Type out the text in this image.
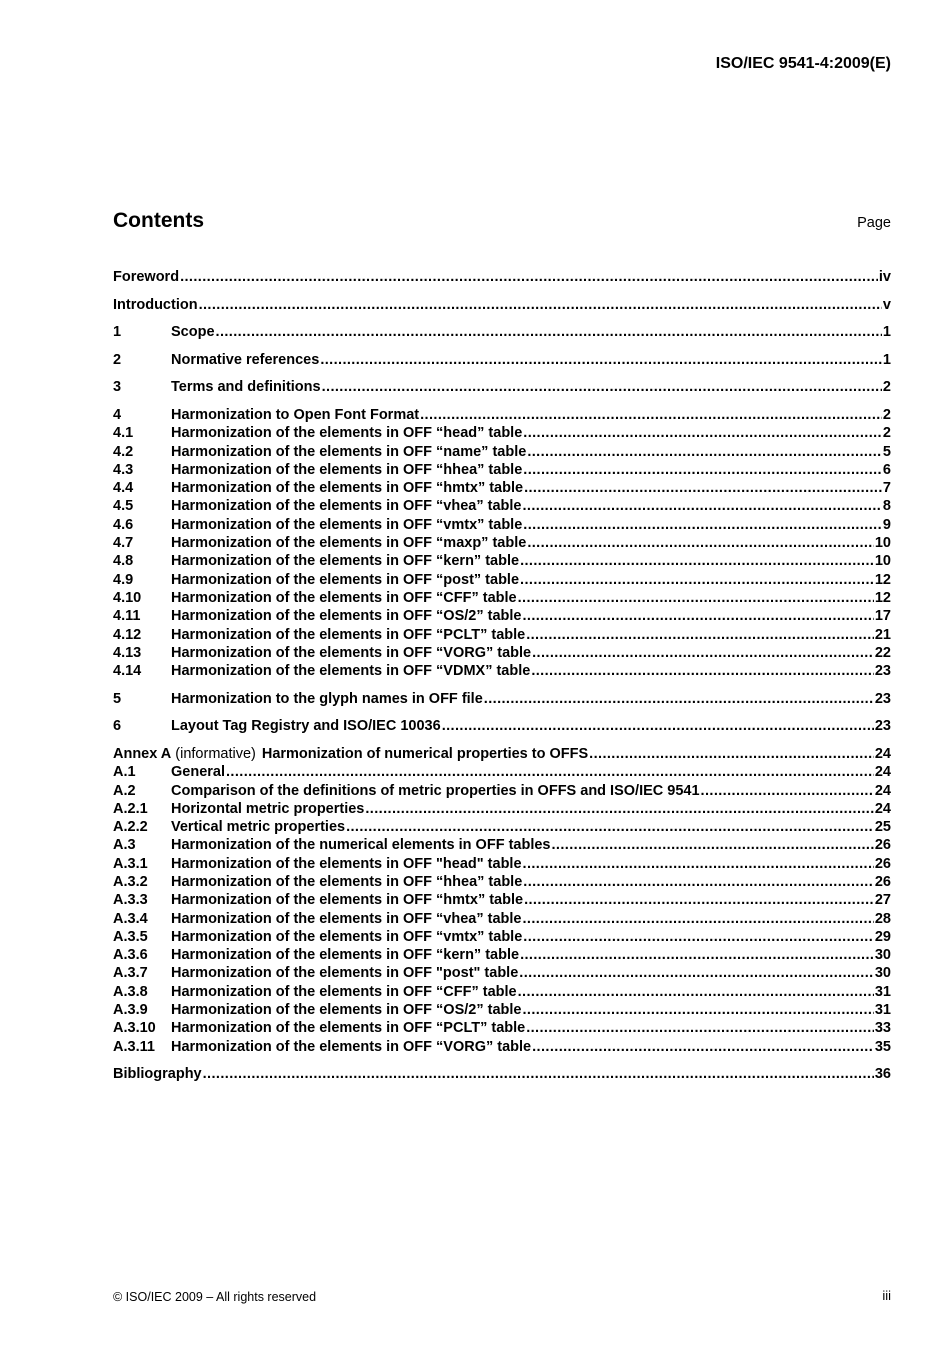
ISO/IEC 9541-4:2009(E)
Contents	Page
Foreword .....	iv
Introduction .....	v
1	Scope .....	1
2	Normative references .....	1
3	Terms and definitions .....	2
4	Harmonization to Open Font Format .....	2
4.1	Harmonization of the elements in OFF “head” table .....	2
4.2	Harmonization of the elements in OFF “name” table .....	5
4.3	Harmonization of the elements in OFF “hhea” table .....	6
4.4	Harmonization of the elements in OFF “hmtx” table .....	7
4.5	Harmonization of the elements in OFF “vhea” table .....	8
4.6	Harmonization of the elements in OFF “vmtx” table .....	9
4.7	Harmonization of the elements in OFF “maxp” table .....	10
4.8	Harmonization of the elements in OFF “kern” table .....	10
4.9	Harmonization of the elements in OFF “post” table .....	12
4.10	Harmonization of the elements in OFF “CFF” table .....	12
4.11	Harmonization of the elements in OFF “OS/2” table .....	17
4.12	Harmonization of the elements in OFF “PCLT” table .....	21
4.13	Harmonization of the elements in OFF “VORG” table .....	22
4.14	Harmonization of the elements in OFF “VDMX” table .....	23
5	Harmonization to the glyph names in OFF file .....	23
6	Layout Tag Registry and ISO/IEC 10036 .....	23
Annex A (informative) Harmonization of numerical properties to OFFS .....	24
A.1	General .....	24
A.2	Comparison of the definitions of metric properties in OFFS and ISO/IEC 9541 .....	24
A.2.1	Horizontal metric properties .....	24
A.2.2	Vertical metric properties .....	25
A.3	Harmonization of the numerical elements in OFF tables .....	26
A.3.1	Harmonization of the elements in OFF "head" table .....	26
A.3.2	Harmonization of the elements in OFF “hhea” table .....	26
A.3.3	Harmonization of the elements in OFF “hmtx” table .....	27
A.3.4	Harmonization of the elements in OFF “vhea” table .....	28
A.3.5	Harmonization of the elements in OFF “vmtx” table .....	29
A.3.6	Harmonization of the elements in OFF “kern” table .....	30
A.3.7	Harmonization of the elements in OFF "post" table .....	30
A.3.8	Harmonization of the elements in OFF “CFF” table .....	31
A.3.9	Harmonization of the elements in OFF “OS/2” table .....	31
A.3.10	Harmonization of the elements in OFF “PCLT” table .....	33
A.3.11	Harmonization of the elements in OFF “VORG” table .....	35
Bibliography .....	36
© ISO/IEC 2009 – All rights reserved	iii
